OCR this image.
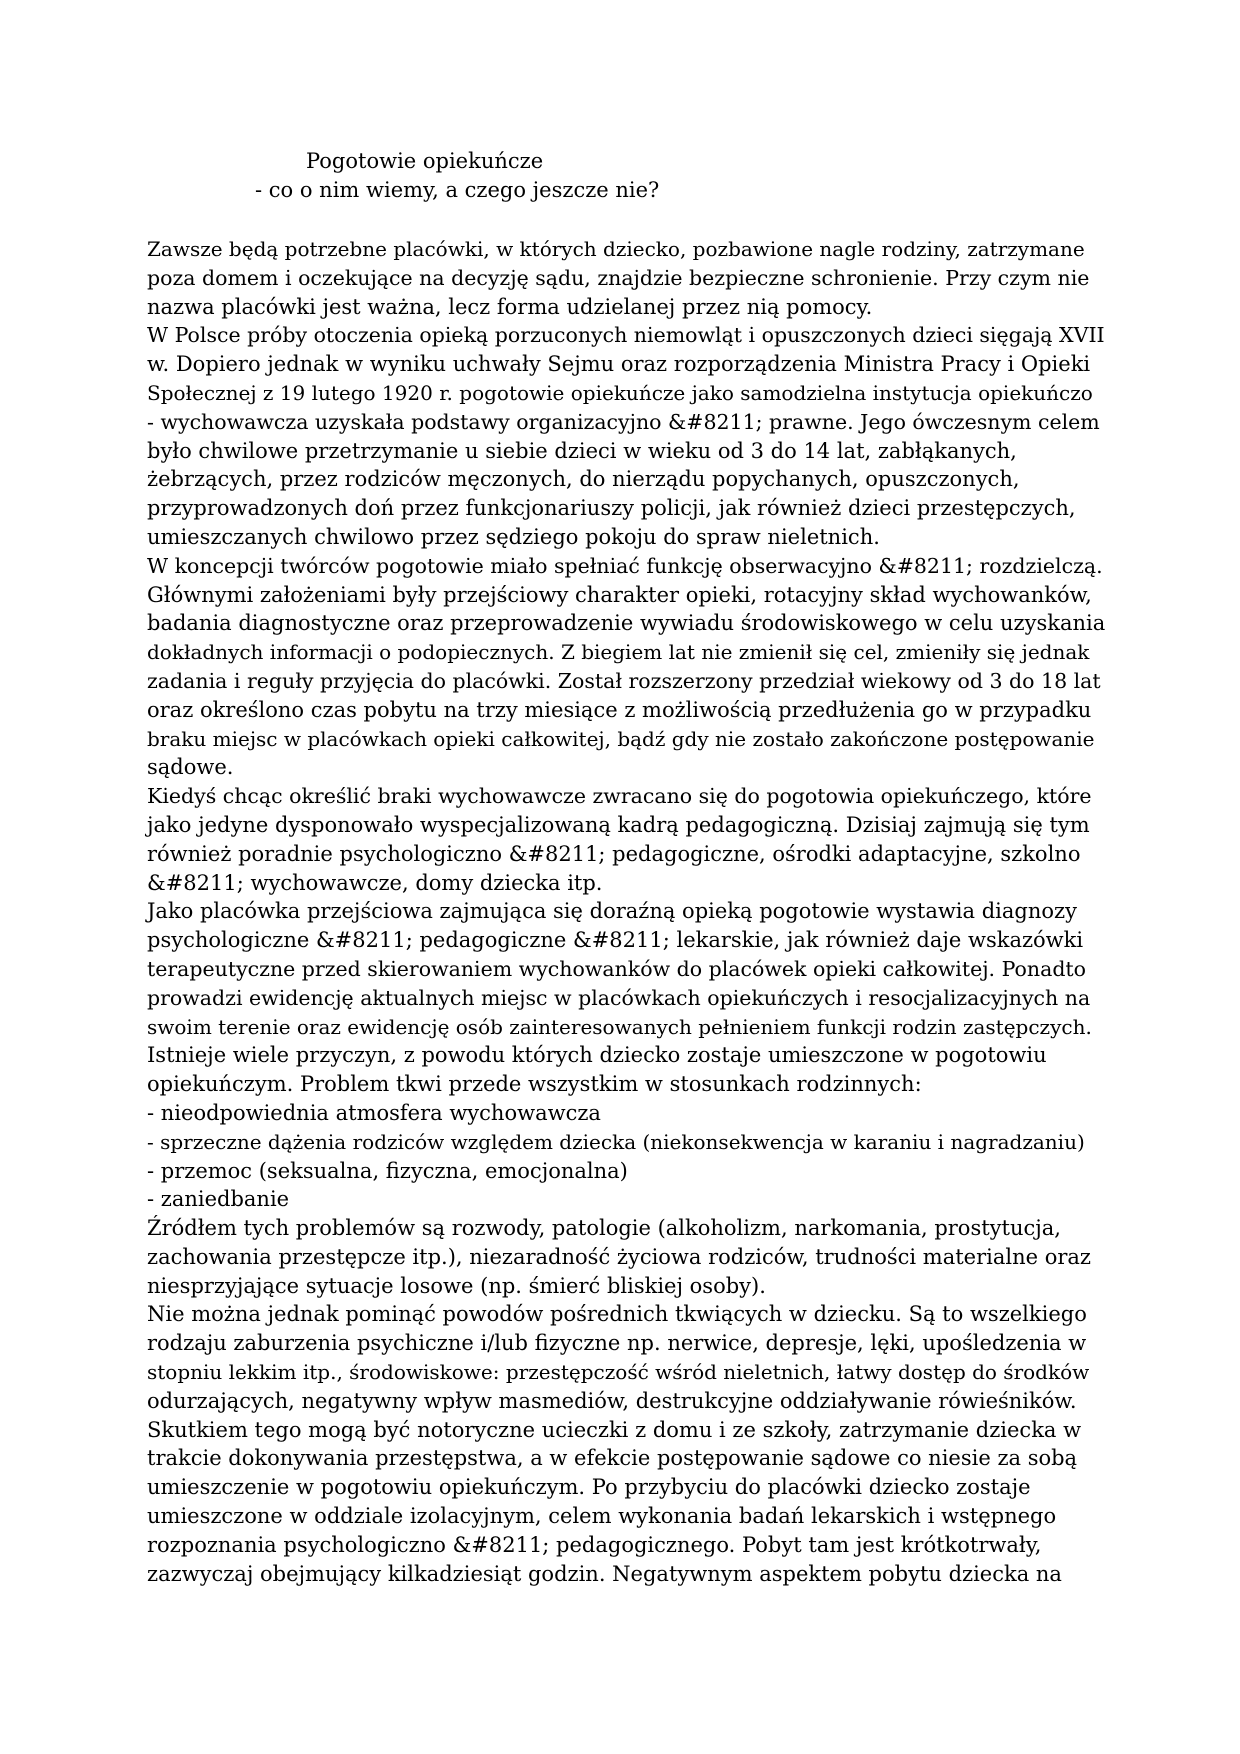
Pogotowie opiekuńcze
- co o nim wiemy, a czego jeszcze nie?
Zawsze będą potrzebne placówki, w których dziecko, pozbawione nagle rodziny, zatrzymane
poza domem i oczekujące na decyzję sądu, znajdzie bezpieczne schronienie. Przy czym nie
nazwa placówki jest ważna, lecz forma udzielanej przez nią pomocy.
W Polsce próby otoczenia opieką porzuconych niemowląt i opuszczonych dzieci sięgają XVII
w. Dopiero jednak w wyniku uchwały Sejmu oraz rozporządzenia Ministra Pracy i Opieki
Społecznej z 19 lutego 1920 r. pogotowie opiekuńcze jako samodzielna instytucja opiekuńczo
- wychowawcza uzyskała podstawy organizacyjno &#8211; prawne. Jego ówczesnym celem
było chwilowe przetrzymanie u siebie dzieci w wieku od 3 do 14 lat, zabłąkanych,
żebrzących, przez rodziców męczonych, do nierządu popychanych, opuszczonych,
przyprowadzonych doń przez funkcjonariuszy policji, jak również dzieci przestępczych,
umieszczanych chwilowo przez sędziego pokoju do spraw nieletnich.
W koncepcji twórców pogotowie miało spełniać funkcję obserwacyjno &#8211; rozdzielczą.
Głównymi założeniami były przejściowy charakter opieki, rotacyjny skład wychowanków,
badania diagnostyczne oraz przeprowadzenie wywiadu środowiskowego w celu uzyskania
dokładnych informacji o podopiecznych. Z biegiem lat nie zmienił się cel, zmieniły się jednak
zadania i reguły przyjęcia do placówki. Został rozszerzony przedział wiekowy od 3 do 18 lat
oraz określono czas pobytu na trzy miesiące z możliwością przedłużenia go w przypadku
braku miejsc w placówkach opieki całkowitej, bądź gdy nie zostało zakończone postępowanie
sądowe.
Kiedyś chcąc określić braki wychowawcze zwracano się do pogotowia opiekuńczego, które
jako jedyne dysponowało wyspecjalizowaną kadrą pedagogiczną. Dzisiaj zajmują się tym
również poradnie psychologiczno &#8211; pedagogiczne, ośrodki adaptacyjne, szkolno
&#8211; wychowawcze, domy dziecka itp.
Jako placówka przejściowa zajmująca się doraźną opieką pogotowie wystawia diagnozy
psychologiczne &#8211; pedagogiczne &#8211; lekarskie, jak również daje wskazówki
terapeutyczne przed skierowaniem wychowanków do placówek opieki całkowitej. Ponadto
prowadzi ewidencję aktualnych miejsc w placówkach opiekuńczych i resocjalizacyjnych na
swoim terenie oraz ewidencję osób zainteresowanych pełnieniem funkcji rodzin zastępczych.
Istnieje wiele przyczyn, z powodu których dziecko zostaje umieszczone w pogotowiu
opiekuńczym. Problem tkwi przede wszystkim w stosunkach rodzinnych:
- nieodpowiednia atmosfera wychowawcza
- sprzeczne dążenia rodziców względem dziecka (niekonsekwencja w karaniu i nagradzaniu)
- przemoc (seksualna, fizyczna, emocjonalna)
- zaniedbanie
Źródłem tych problemów są rozwody, patologie (alkoholizm, narkomania, prostytucja,
zachowania przestępcze itp.), niezaradność życiowa rodziców, trudności materialne oraz
niesprzyjające sytuacje losowe (np. śmierć bliskiej osoby).
Nie można jednak pominąć powodów pośrednich tkwiących w dziecku. Są to wszelkiego
rodzaju zaburzenia psychiczne i/lub fizyczne np. nerwice, depresje, lęki, upośledzenia w
stopniu lekkim itp., środowiskowe: przestępczość wśród nieletnich, łatwy dostęp do środków
odurzających, negatywny wpływ masmediów, destrukcyjne oddziaływanie rówieśników.
Skutkiem tego mogą być notoryczne ucieczki z domu i ze szkoły, zatrzymanie dziecka w
trakcie dokonywania przestępstwa, a w efekcie postępowanie sądowe co niesie za sobą
umieszczenie w pogotowiu opiekuńczym. Po przybyciu do placówki dziecko zostaje
umieszczone w oddziale izolacyjnym, celem wykonania badań lekarskich i wstępnego
rozpoznania psychologiczno &#8211; pedagogicznego. Pobyt tam jest krótkotrwały,
zazwyczaj obejmujący kilkadziesiąt godzin. Negatywnym aspektem pobytu dziecka na
